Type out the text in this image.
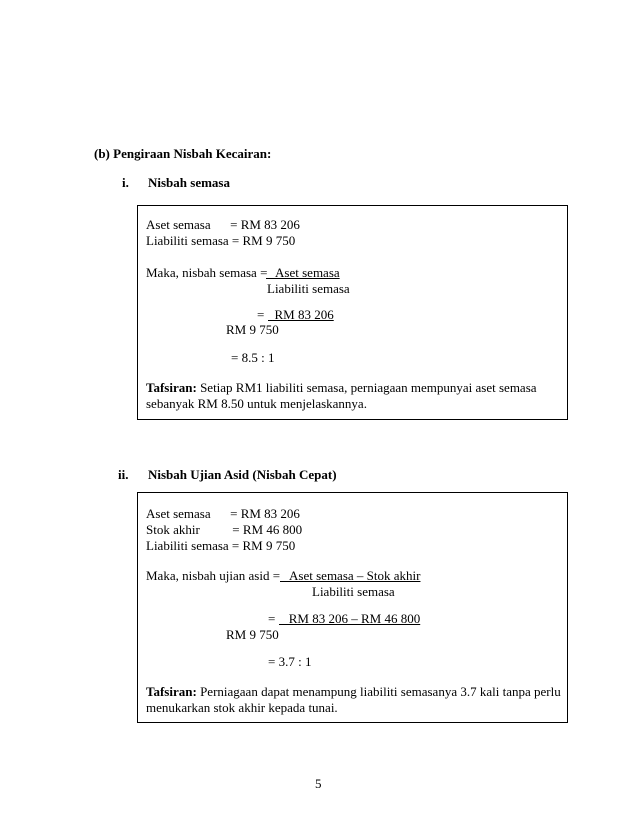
(b) Pengiraan Nisbah Kecairan:
i. Nisbah semasa
Aset semasa      = RM 83 206
Liabiliti semasa = RM 9 750
Maka, nisbah semasa =
Aset semasa
Liabiliti semasa
= RM 83 206
RM 9 750
= 8.5 : 1
Tafsiran: Setiap RM1 liabiliti semasa, perniagaan mempunyai aset semasa
sebanyak RM 8.50 untuk menjelaskannya.
ii. Nisbah Ujian Asid (Nisbah Cepat)
Aset semasa      = RM 83 206
Stok akhir          = RM 46 800
Liabiliti semasa = RM 9 750
Maka, nisbah ujian asid =
Aset semasa – Stok akhir
Liabiliti semasa
= RM 83 206 – RM 46 800
RM 9 750
= 3.7 : 1
Tafsiran: Perniagaan dapat menampung liabiliti semasanya 3.7 kali tanpa perlu
menukarkan stok akhir kepada tunai.
5
